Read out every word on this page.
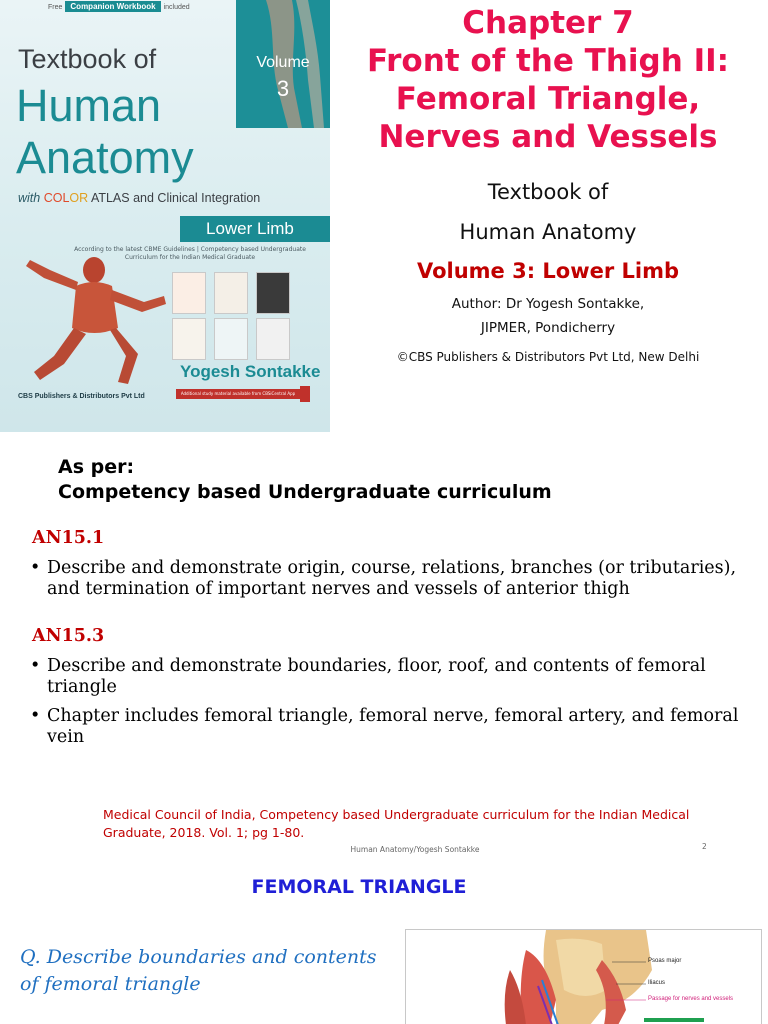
Free Companion Workbook included
Volume
3
Textbook of
Human
Anatomy
with COLOR ATLAS and Clinical Integration
Lower Limb
According to the latest CBME Guidelines | Competency based Undergraduate Curriculum for the Indian Medical Graduate
Yogesh Sontakke
CBS Publishers & Distributors Pvt Ltd	Additional study material available from CBSiCentral App
Chapter 7
Front of the Thigh II:
Femoral Triangle,
Nerves and Vessels
Textbook of
Human Anatomy
Volume 3: Lower Limb
Author: Dr Yogesh Sontakke,
JIPMER, Pondicherry
©CBS Publishers & Distributors Pvt Ltd, New Delhi
As per:
Competency based Undergraduate curriculum
AN15.1
• Describe and demonstrate origin, course, relations, branches (or tributaries), and termination of important nerves and vessels of anterior thigh
AN15.3
• Describe and demonstrate boundaries, floor, roof, and contents of femoral triangle
• Chapter includes femoral triangle, femoral nerve, femoral artery, and femoral vein
Medical Council of India, Competency based Undergraduate curriculum for the Indian Medical Graduate, 2018. Vol. 1; pg 1-80.
Human Anatomy/Yogesh Sontakke	2
FEMORAL TRIANGLE
Q. Describe boundaries and contents of femoral triangle
Psoas major
Iliacus
Passage for nerves and vessels
